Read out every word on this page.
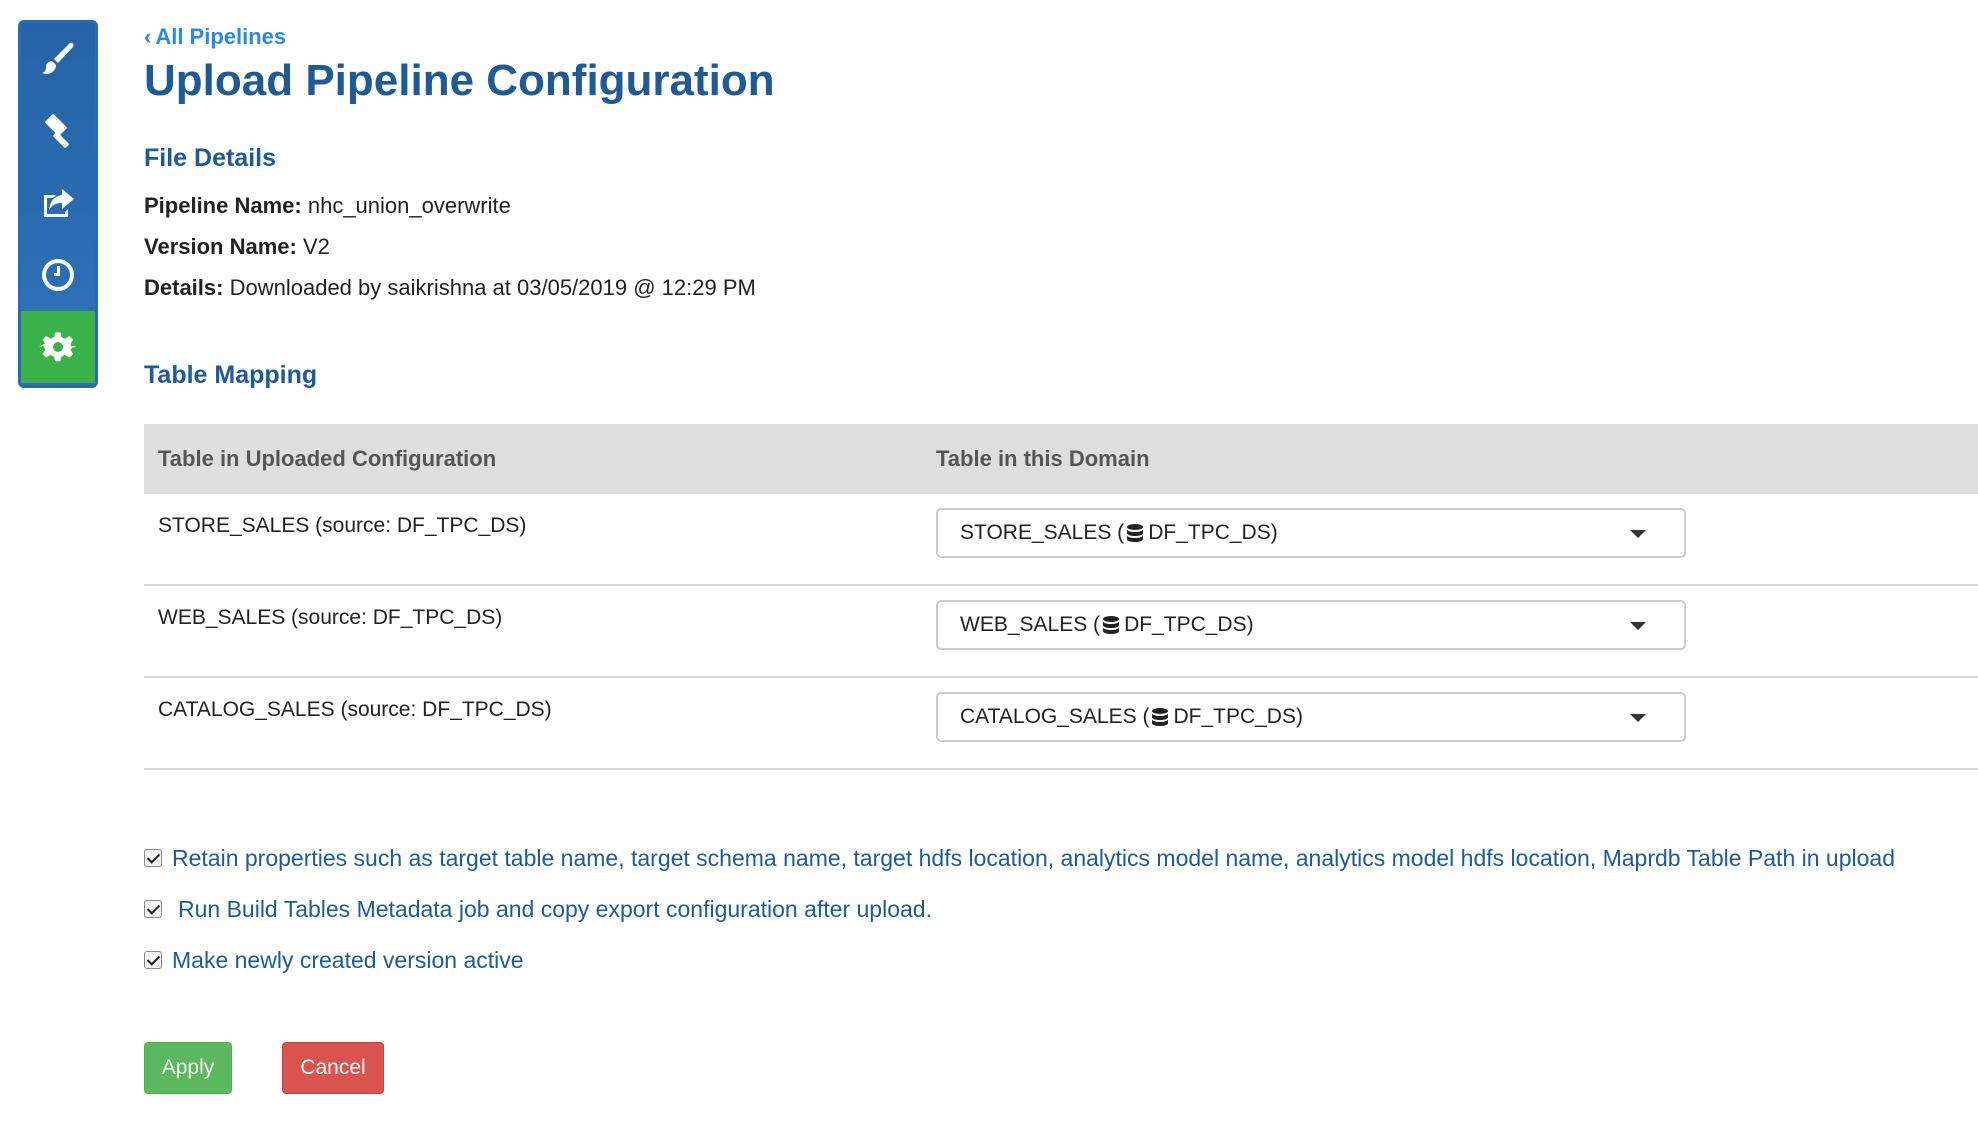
‹ All Pipelines
Upload Pipeline Configuration
File Details
Pipeline Name: nhc_union_overwrite
Version Name: V2
Details: Downloaded by saikrishna at 03/05/2019 @ 12:29 PM
Table Mapping
Table in Uploaded Configuration	Table in this Domain
STORE_SALES (source: DF_TPC_DS)	STORE_SALES ( DF_TPC_DS)
WEB_SALES (source: DF_TPC_DS)	WEB_SALES ( DF_TPC_DS)
CATALOG_SALES (source: DF_TPC_DS)	CATALOG_SALES ( DF_TPC_DS)
Retain properties such as target table name, target schema name, target hdfs location, analytics model name, analytics model hdfs location, Maprdb Table Path in upload
Run Build Tables Metadata job and copy export configuration after upload.
Make newly created version active
Apply	Cancel
